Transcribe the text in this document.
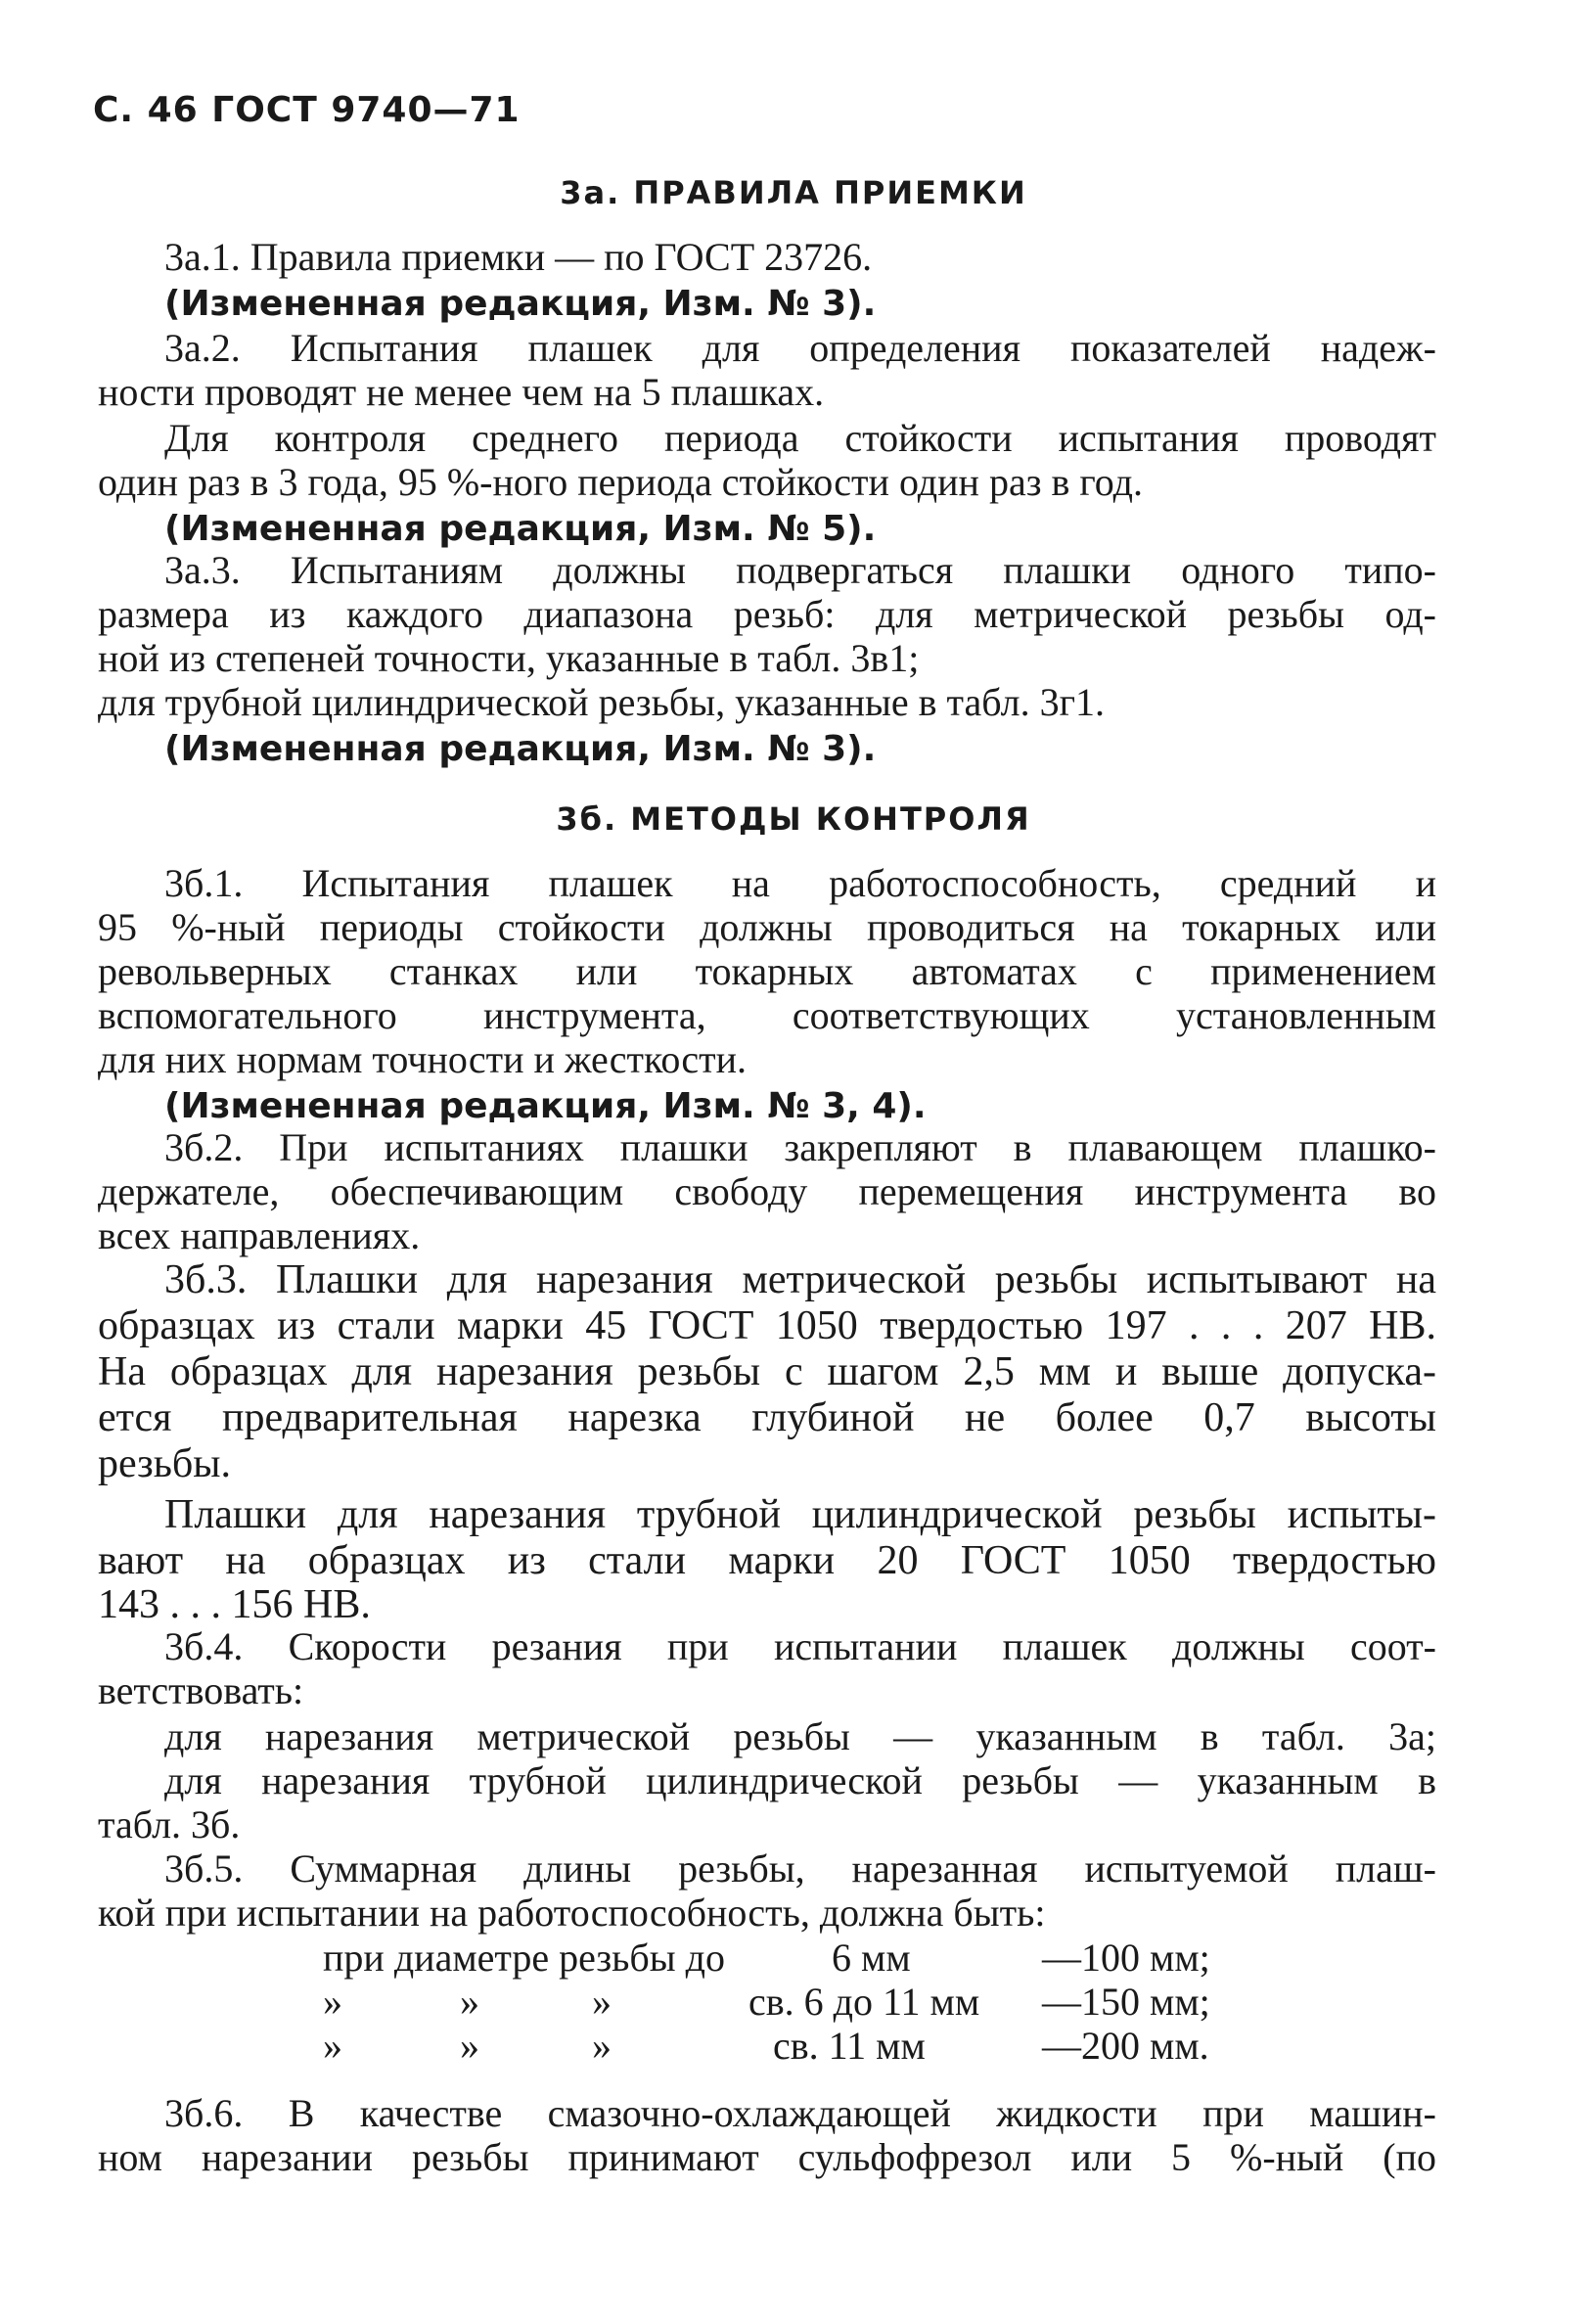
С. 46 ГОСТ 9740—71
3а. ПРАВИЛА ПРИЕМКИ
3а.1. Правила приемки — по ГОСТ 23726.
(Измененная редакция, Изм. № 3).
3а.2. Испытания плашек для определения показателей надеж-
ности проводят не менее чем на 5 плашках.
Для контроля среднего периода стойкости испытания проводят
один раз в 3 года, 95 %-ного периода стойкости один раз в год.
(Измененная редакция, Изм. № 5).
3а.3. Испытаниям должны подвергаться плашки одного типо-
размера из каждого диапазона резьб: для метрической резьбы од-
ной из степеней точности, указанные в табл. 3в1;
для трубной цилиндрической резьбы, указанные в табл. 3г1.
(Измененная редакция, Изм. № 3).
3б. МЕТОДЫ КОНТРОЛЯ
3б.1. Испытания плашек на работоспособность, средний и
95 %-ный периоды стойкости должны проводиться на токарных или
револьверных станках или токарных автоматах с применением
вспомогательного инструмента, соответствующих установленным
для них нормам точности и жесткости.
(Измененная редакция, Изм. № 3, 4).
3б.2. При испытаниях плашки закрепляют в плавающем плашко-
держателе, обеспечивающим свободу перемещения инструмента во
всех направлениях.
3б.3. Плашки для нарезания метрической резьбы испытывают на
образцах из стали марки 45 ГОСТ 1050 твердостью 197 . . . 207 НВ.
На образцах для нарезания резьбы с шагом 2,5 мм и выше допуска-
ется предварительная нарезка глубиной не более 0,7 высоты
резьбы.
Плашки для нарезания трубной цилиндрической резьбы испыты-
вают на образцах из стали марки 20 ГОСТ 1050 твердостью
143 . . . 156 НВ.
3б.4. Скорости резания при испытании плашек должны соот-
ветствовать:
для нарезания метрической резьбы — указанным в табл. 3а;
для нарезания трубной цилиндрической резьбы — указанным в
табл. 3б.
3б.5. Суммарная длины резьбы, нарезанная испытуемой плаш-
кой при испытании на работоспособность, должна быть:
при диаметре резьбы до	6 мм	—100 мм;
»	»	»	св. 6 до 11 мм —150 мм;
»	»	»	св. 11 мм	—200 мм.
3б.6. В качестве смазочно-охлаждающей жидкости при машин-
ном нарезании резьбы принимают сульфофрезол или 5 %-ный (по
